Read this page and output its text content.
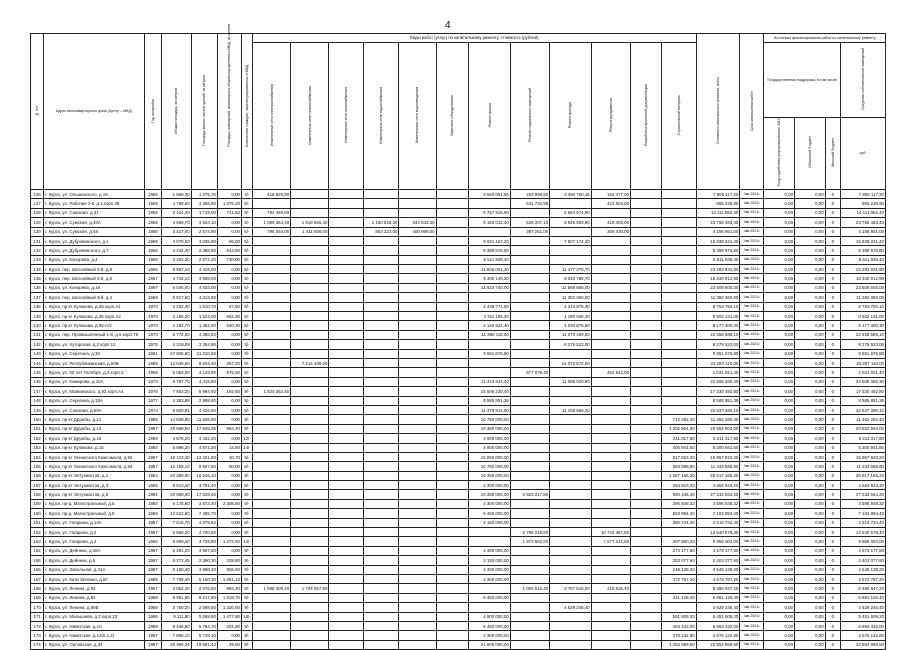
4
№ п/п	Адрес многоквартирного дома (Центр – МКД)	Год постройки	Общая площадь, кв.метров	Площадь жилых частей зданий, кв.метров	Площадь помещений, являющихся общим имуществом в МКД, кв.метров	Количество граждан, зарегистрированных в МКД	Виды работ (услуг) по капитальному ремонту, стоимость (рублей)												Стоимость капитального ремонта, всего	Срок завершения работ	Источники финансирования работ по капитальному ремонту			
							Инженерные сети электроснабжения	Инженерные сети теплоснабжения	Инженерные сети газоснабжения	Инженерные сети водоснабжения	Инженерные сети водоотведения	Лифтовое оборудование	Ремонт крыши	Ремонт подвальных помещений	Ремонт фасада	Ремонт фундамента	Разработка проектной документации	Строительный контроль			Государственная поддержка, в том числе			Средства собственников помещений
																					Фонд содействия реформированию ЖКХ	Областной бюджет	Местный бюджет	руб.
126	г. Курск, ул. Ольшанского, д.15	1965	1 865,30	1 276,70	0,00	4/-	418 829,80						3 560 051,66	203 998,80	3 490 760,16	152 477,00			7 806 117,20	4кв.2021г.	0,00	0,00	0	7 806 117,20
127	г. Курск, ул. Рабочая 2-я, д.1 корп.39	1965	4 768,60	3 368,60	1 375,20	5/-								531 732,90		423 504,00			955 236,90	4кв.2021г.	0,00	0,00	0	955 236,90
128	г. Курск, ул. Союзная, д.31	1965	3 424,40	1 719,00	721,50	5/-	794 460,80						6 757 916,80		6 564 574,80				14 111 952,40	4кв.2021г.	0,00	0,00	0	14 111 952,40
129	г. Курск, ул. Сумская, д.40А	1965	4 656,70	3 544,10	0,00	5/-	1 080 354,40	1 918 566,40		1 150 518,30	344 633,30		9 183 012,40	526 207,10	8 926 893,90	419 403,00			23 758 483,40	4кв.2021г.	0,00	0,00	0	23 758 483,40
130	г. Курск, ул. Сумская, д.48	1965	3 427,00	2 574,90	0,00	5/-	796 064,00	1 411 936,00		853 323,00	400 999,00			387 251,00		309 430,00			4 156 951,00	4кв.2021г.	0,00	0,00	0	4 156 951,00
131	г. Курск, ул. Дубровинского, д.1	1966	4 079,60	3 035,90	66,00	5/-							8 031 167,20		7 807 174,20				15 838 341,40	4кв.2021г.	0,00	0,00	0	15 838 341,40
132	г. Курск, ул. Дубровинского, д.7	1966	4 234,40	2 488,90	543,50	5/-							8 389 676,80						8 389 676,80	4кв.2021г.	0,00	0,00	0	8 389 676,80
133	г. Курск, ул. Конорева, д.4	1966	3 302,20	2 572,20	730,00	5/-							6 511 938,40						6 511 938,40	4кв.2021г.	0,00	0,00	0	6 511 938,40
134	г. Курск, пер. Шоссейный 3-й, д.8	1966	5 967,10	4 429,00	0,00	5/-							11 806 061,30		11 477 270,70				23 283 831,90	4кв.2021г.	0,00	0,00	0	23 283 831,90
135	г. Курск, пер. Шоссейный 3-й, д.6	1967	4 716,10	3 598,00	0,00	5/-							9 300 149,20		9 040 765,70				18 340 912,90	4кв.2021г.	0,00	0,00	0	18 340 912,90
136	г. Курск, ул. Конорева, д.18	1967	6 046,00	4 433,00	0,00	5/-							11 920 740,00		11 588 865,00				23 509 605,00	4кв.2021г.	0,00	0,00	0	23 509 605,00
137	г. Курск, пер. Шоссейный 3-й, д.4	1968	5 817,50	4 413,50	0,00	5/-									11 382 360,00				11 382 360,00	4кв.2021г.	0,00	0,00	0	11 382 360,00
138	г. Курск, пр-кт Кулакова, д.35 корп.А1	1970	2 232,30	1 510,70	67,90	5/-							4 438 774,80		4 314 975,30				8 753 750,10	4кв.2021г.	0,00	0,00	0	8 753 750,10
139	г. Курск, пр-кт Кулакова, д.35 корп.А3	1970	2 186,20	1 524,00	662,30	5/-							4 311 185,40		4 190 945,40				8 502 131,00	4кв.2021г.	0,00	0,00	0	8 502 131,00
140	г. Курск, пр-кт Кулакова, д.35-А/2	1970	2 192,70	1 452,40	640,30	5/-							4 146 524,40		4 030 875,90				8 177 400,30	4кв.2021г.	0,00	0,00	0	8 177 400,30
141	г. Курск, пер. Промышленный 1-й, д.5 корп.79	1970	5 774,50	4 386,50	0,00	5/-							11 388 118,60		11 070 469,50				22 458 588,10	4кв.2021г.	0,00	0,00	0	22 458 588,10
142	г. Курск, ул. Хуторская, д.2 корп.12	1975	4 319,09	3 364,90	0,00	5/-									8 279 523,00				8 279 523,00	4кв.2021г.	0,00	0,00	0	8 279 523,00
143	г. Курск, ул. Серегина, д.30	1981	27 606,80	21 310,50	0,00	9/-							9 551 676,80						9 551 676,80	4кв.2021г.	0,00	0,00	0	9 551 676,80
144	г. Курск, ул. Республиканская, д.50В	1989	13 046,60	9 844,40	257,20	9/-		7 214 438,00							16 072 672,00				23 287 110,00	4кв.2021г.	0,00	0,00	0	23 287 110,00
145	г. Курск, ул. 50 лет Октября, д.4 корп.3	1965	5 053,80	3 133,80	975,50	5/-								577 079,40		454 842,00			1 031 921,40	4кв.2021г.	0,00	0,00	0	1 031 921,40
146	г. Курск, ул. Комарова, д.10А	1972	5 787,70	4 415,60	0,00	5/-							11 413 344,40		11 095 020,90				22 508 365,30	4кв.2021г.	0,00	0,00	0	22 508 365,30
147	г. Курск, ул. Майковского, д.93 корп.А4	1976	7 863,20	5 994,60	192,60	9/-	1 824 262,40						15 506 230,40						17 330 492,80	4кв.2021г.	0,00	0,00	0	17 330 492,80
148	г. Курск, ул. Серегина, д.18А	1977	4 353,88	2 988,40	0,00	5/-							8 585 851,36						8 585 851,36	4кв.2021г.	0,00	0,00	0	8 585 851,36
149	г. Курск, ул. Союзная, д.59А	1974	5 820,91	4 426,50	0,00	5/-							11 478 914,80		11 158 565,20				22 637 480,10	4кв.2021г.	0,00	0,00	0	22 637 480,10
150	г. Курск, пр-кт Дружбы, д.12	1985	14 838,80	11 606,00	0,00	9/-							10 750 000,00					712 282,40	11 462 282,40	4кв.2021г.	0,00	0,00	0	11 462 282,40
151	г. Курск, пр-кт Дружбы, д.13	1987	25 568,50	17 645,35	964,40	9/-							19 350 000,00					1 202 904,00	20 552 904,00	4кв.2021г.	0,00	0,00	0	20 552 904,00
152	г. Курск, пр-кт Дружбы, д.18	1989	4 576,20	3 432,20	0,00	12/-							4 900 000,00					311 317,80	5 211 317,80	4кв.2021г.	0,00	0,00	0	5 211 317,80
153	г. Курск, пр-кт Кулакова, д.15	1984	5 896,20	4 871,20	14,60	14/-							4 900 000,00					400 941,60	5 300 941,60	4кв.2021г.	0,00	0,00	0	5 300 941,60
154	г. Курск, пр-кт Ленинского Комсомола, д.92	1987	18 123,40	13 421,90	30,70	9/-							15 050 000,00					917 923,20	15 967 923,20	4кв.2021г.	0,00	0,00	0	15 967 923,20
155	г. Курск, пр-кт Ленинского Комсомола, д.94	1987	12 158,10	9 567,80	50,00	9/-							10 750 000,00					583 588,80	11 333 588,80	4кв.2021г.	0,00	0,00	0	11 333 588,80
156	г. Курск, пр-кт Энтузиастов, д.1	1984	20 389,00	16 546,10	0,00	9/-							19 350 000,00					1 267 165,20	20 617 165,20	4кв.2021г.	0,00	0,00	0	20 617 165,20
157	г. Курск, пр-кт Энтузиастов, д.3	1985	5 513,40	3 791,40	0,00	9/-							4 300 000,00					264 643,20	4 564 643,20	4кв.2021г.	0,00	0,00	0	4 564 643,20
158	г. Курск, пр-кт Энтузиастов, д.5	1991	20 089,30	17 049,40	0,00	9/-							19 350 000,00	6 923 217,80				960 446,40	27 233 664,20	4кв.2021г.	0,00	0,00	0	27 233 664,20
159	г. Курск, пр-д. Магистральный, д.5	1984	6 176,80	3 872,40	2 305,60	9/-							4 300 000,00					296 548,32	4 596 548,32	4кв.2021г.	0,00	0,00	0	4 596 548,32
160	г. Курск, пр-д. Магистральный, д.8	1986	13 622,80	7 485,70	0,00	9/-							6 450 000,00					653 894,40	7 103 894,40	4кв.2021г.	0,00	0,00	0	7 103 894,40
161	г. Курск, ул. Гагарина, д.14А	1987	7 515,70	4 675,62	0,00	9/-							2 150 000,00					360 734,40	2 510 734,40	4кв.2021г.	0,00	0,00	0	2 510 734,40
162	г. Курск, ул. Гагарина, д.2	1987	6 565,20	4 700,60	0,00	9/-								2 798 218,80		10 742 367,60			13 540 578,40	4кв.2021г.	0,00	0,00	0	13 540 578,40
163	г. Курск, ул. Гагарина, д.4	1986	6 999,40	4 726,90	1 272,50	14/-								1 973 662,60		7 577 242,80		407 950,20	9 959 004,00	4кв.2021г.	0,00	0,00	0	9 959 004,00
164	г. Курск, ул. Дейнеки, д.18А	1987	6 491,20	3 687,60	0,00	9/-							4 300 000,00					273 177,60	4 573 177,60	4кв.2021г.	0,00	0,00	0	4 573 177,60
165	г. Курск, ул. Дейнеки, д.5	1987	5 272,45	2 390,30	328,80	9/-							2 150 000,00					253 077,60	2 403 077,60	4кв.2021г.	0,00	0,00	0	2 403 077,60
166	г. Курск, ул. Запольная, д.41А	1987	5 190,40	3 960,40	955,50	9/-							4 300 000,00					249 139,20	4 549 139,20	4кв.2021г.	0,00	0,00	0	4 549 139,20
167	г. Курск, ул. Кати Зеленко, д.6Г	1988	7 706,40	5 160,30	1 061,10	9/-							4 300 000,00					372 787,20	4 672 787,20	4кв.2021г.	0,00	0,00	0	4 672 787,20
168	г. Курск, ул. Ленина, д.94	1957	3 062,40	2 076,50	984,40	3/-	1 698 409,40	1 704 567,90						1 066 516,40	3 797 516,80	218 835,40			8 485 847,20	4кв.2021г.	0,00	0,00	0	8 485 847,20
169	г. Курск, ул. Ленина, д.84	1968	8 981,86	6 217,80	1 919,70	9/-							6 450 000,00					431 126,40	6 881 126,40	4кв.2021г.	0,00	0,00	0	6 881 126,40
170	г. Курск, ул. Ленина, д.99Б	1988	3 750,20	2 098,50	1 320,50	9/-									4 629 246,40				4 629 246,40	4кв.2021г.	0,00	0,00	0	4 629 246,40
171	г. Курск, ул. Малышева, д.2 корп.23	1986	9 111,90	5 068,50	1 477,90	16/-							4 900 000,00					551 609,20	5 451 609,20	4кв.2021г.	0,00	0,00	0	5 451 609,20
172	г. Курск, ул. Никитская, д.10	1988	8 446,50	5 784,70	201,90	9/-							6 450 000,00					403 432,00	6 853 432,00	4кв.2021г.	0,00	0,00	0	6 853 432,00
173	г. Курск, ул. Никитская, д.12(п.1,2)	1987	7 856,10	5 728,10	0,00	9/-							4 300 000,00					376 132,80	4 676 132,80	4кв.2021г.	0,00	0,00	0	4 676 132,80
174	г. Курск, ул. Орловская, д.34	1987	26 396,34	19 691,40	29,80	9/-							21 600 000,00					1 254 859,50	22 854 859,50	4кв.2021г.	0,00	0,00	0	22 854 859,50
